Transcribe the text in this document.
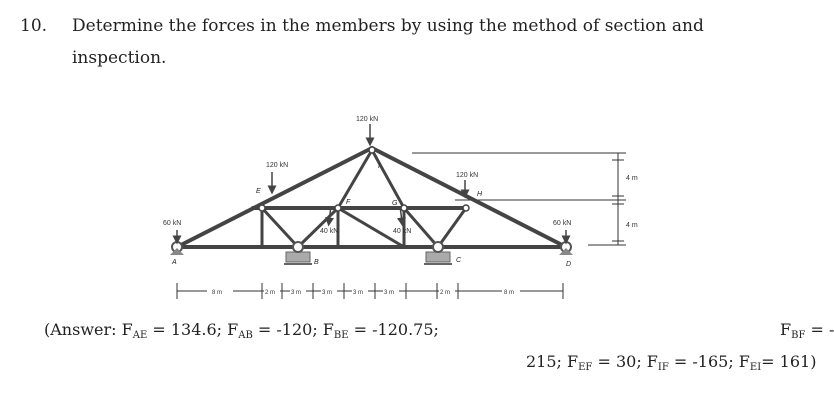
10. Determine the forces in the members by using the method of section and
inspection.
4 m
4 m
120 kN
120 kN
120 kN
60 kN	60 kN
40 kN	40 kN
A	B	C
D
E
F	G
H
I
8 m	2 m	3 m	3 m	3 m	3 m	2 m	8 m
(Answer: $F_{AE} = 134.6$; $F_{AB} = -120$; $F_{BE} = -120.75$;	$F_{BF}$ = -
215; $F_{EF} = 30$; $F_{IF} = -165$; $F_{EI}= 161$)
